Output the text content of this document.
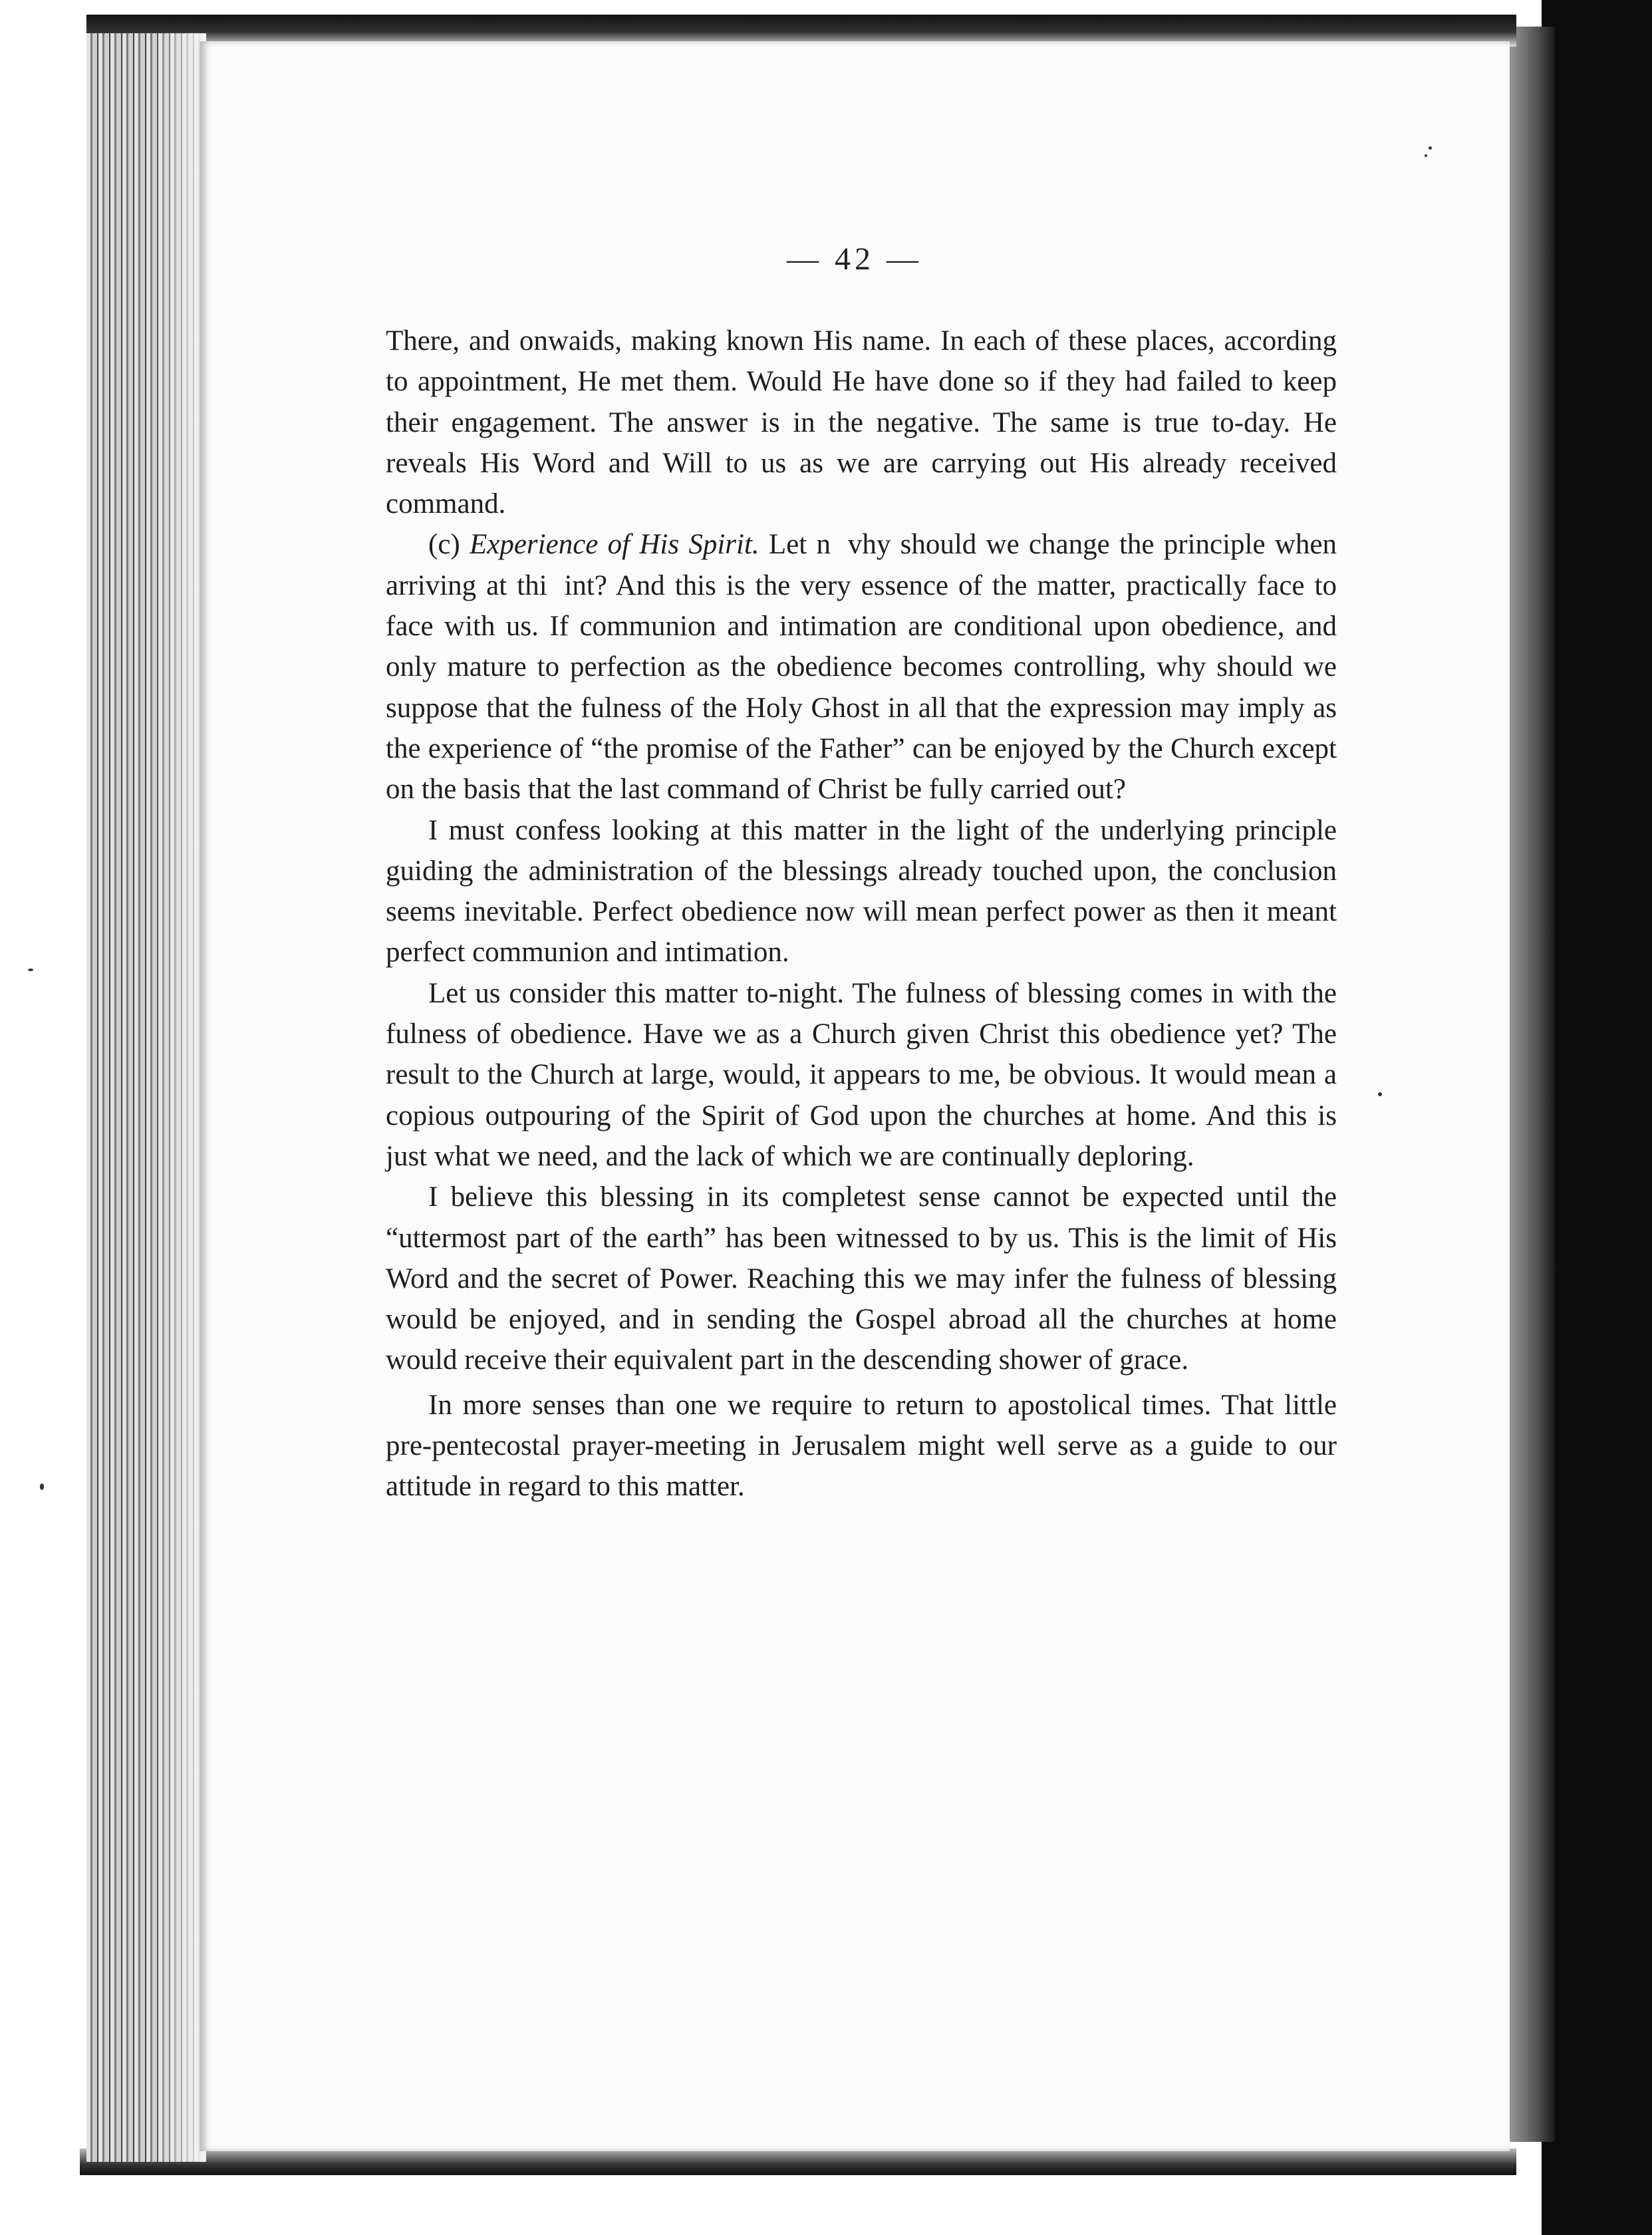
— 42 —

There, and onwaids, making known His name. In each of these places, according to appointment, He met them. Would He have done so if they had failed to keep their engagement. The answer is in the negative. The same is true to-day. He reveals His Word and Will to us as we are carrying out His already received command.

(c) Experience of His Spirit. Let n   vhy should we change the principle when arriving at thi   int? And this is the very essence of the matter, practically face to face with us. If communion and intimation are conditional upon obedience, and only mature to perfection as the obedience becomes controlling, why should we suppose that the fulness of the Holy Ghost in all that the expression may imply as the experience of “the promise of the Father” can be enjoyed by the Church except on the basis that the last command of Christ be fully carried out?

I must confess looking at this matter in the light of the underlying principle guiding the administration of the blessings already touched upon, the conclusion seems inevitable. Perfect obedience now will mean perfect power as then it meant perfect communion and intimation.

Let us consider this matter to-night. The fulness of blessing comes in with the fulness of obedience. Have we as a Church given Christ this obedience yet? The result to the Church at large, would, it appears to me, be obvious. It would mean a copious outpouring of the Spirit of God upon the churches at home. And this is just what we need, and the lack of which we are continually deploring.

I believe this blessing in its completest sense cannot be expected until the “uttermost part of the earth” has been witnessed to by us. This is the limit of His Word and the secret of Power. Reaching this we may infer the fulness of blessing would be enjoyed, and in sending the Gospel abroad all the churches at home would receive their equivalent part in the descending shower of grace.

In more senses than one we require to return to apostolical times. That little pre-pentecostal prayer-meeting in Jerusalem might well serve as a guide to our attitude in regard to this matter.
